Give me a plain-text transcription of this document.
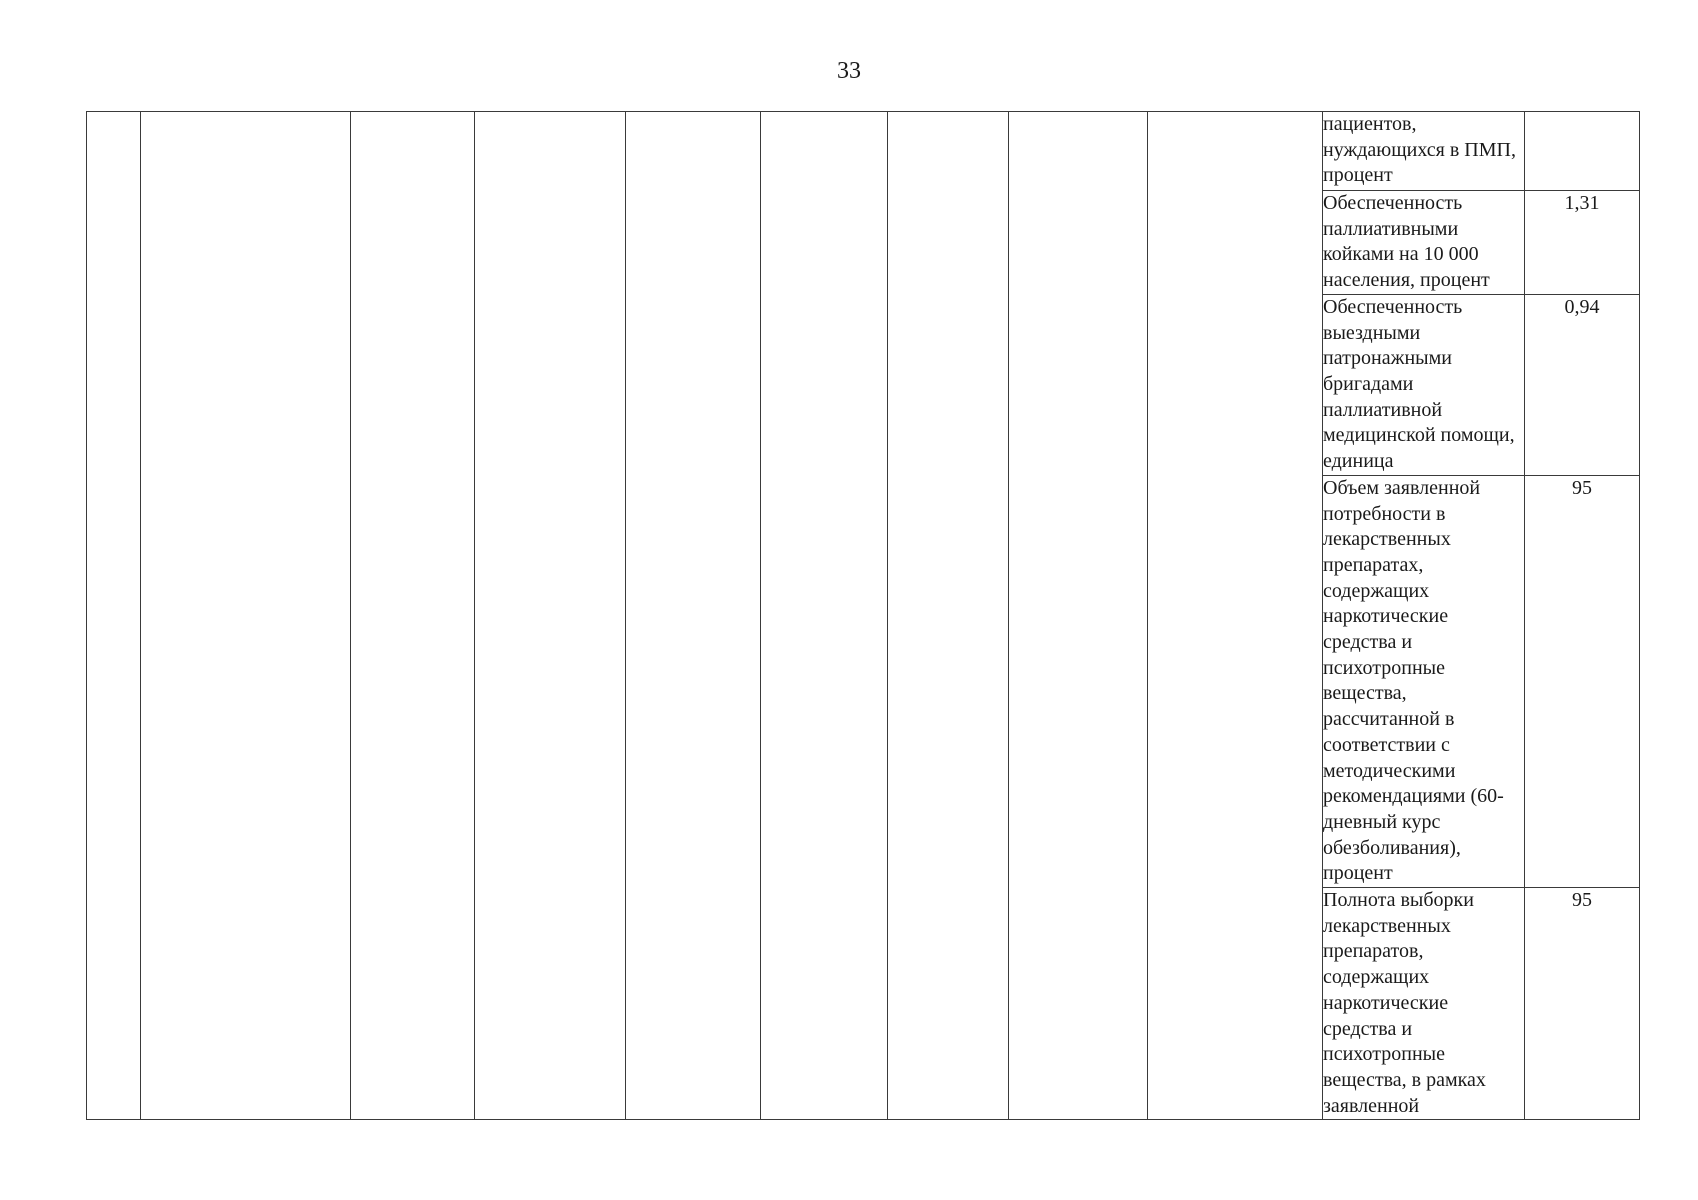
33
									пациентов, нуждающихся в ПМП, процент	
									Обеспеченность паллиативными койками на 10 000 населения, процент	1,31
									Обеспеченность выездными патронажными бригадами паллиативной медицинской помощи, единица	0,94
									Объем заявленной потребности в лекарственных препаратах, содержащих наркотические средства и психотропные вещества, рассчитанной в соответствии с методическими рекомендациями (60-дневный курс обезболивания), процент	95
									Полнота выборки лекарственных препаратов, содержащих наркотические средства и психотропные вещества, в рамках заявленной	95
